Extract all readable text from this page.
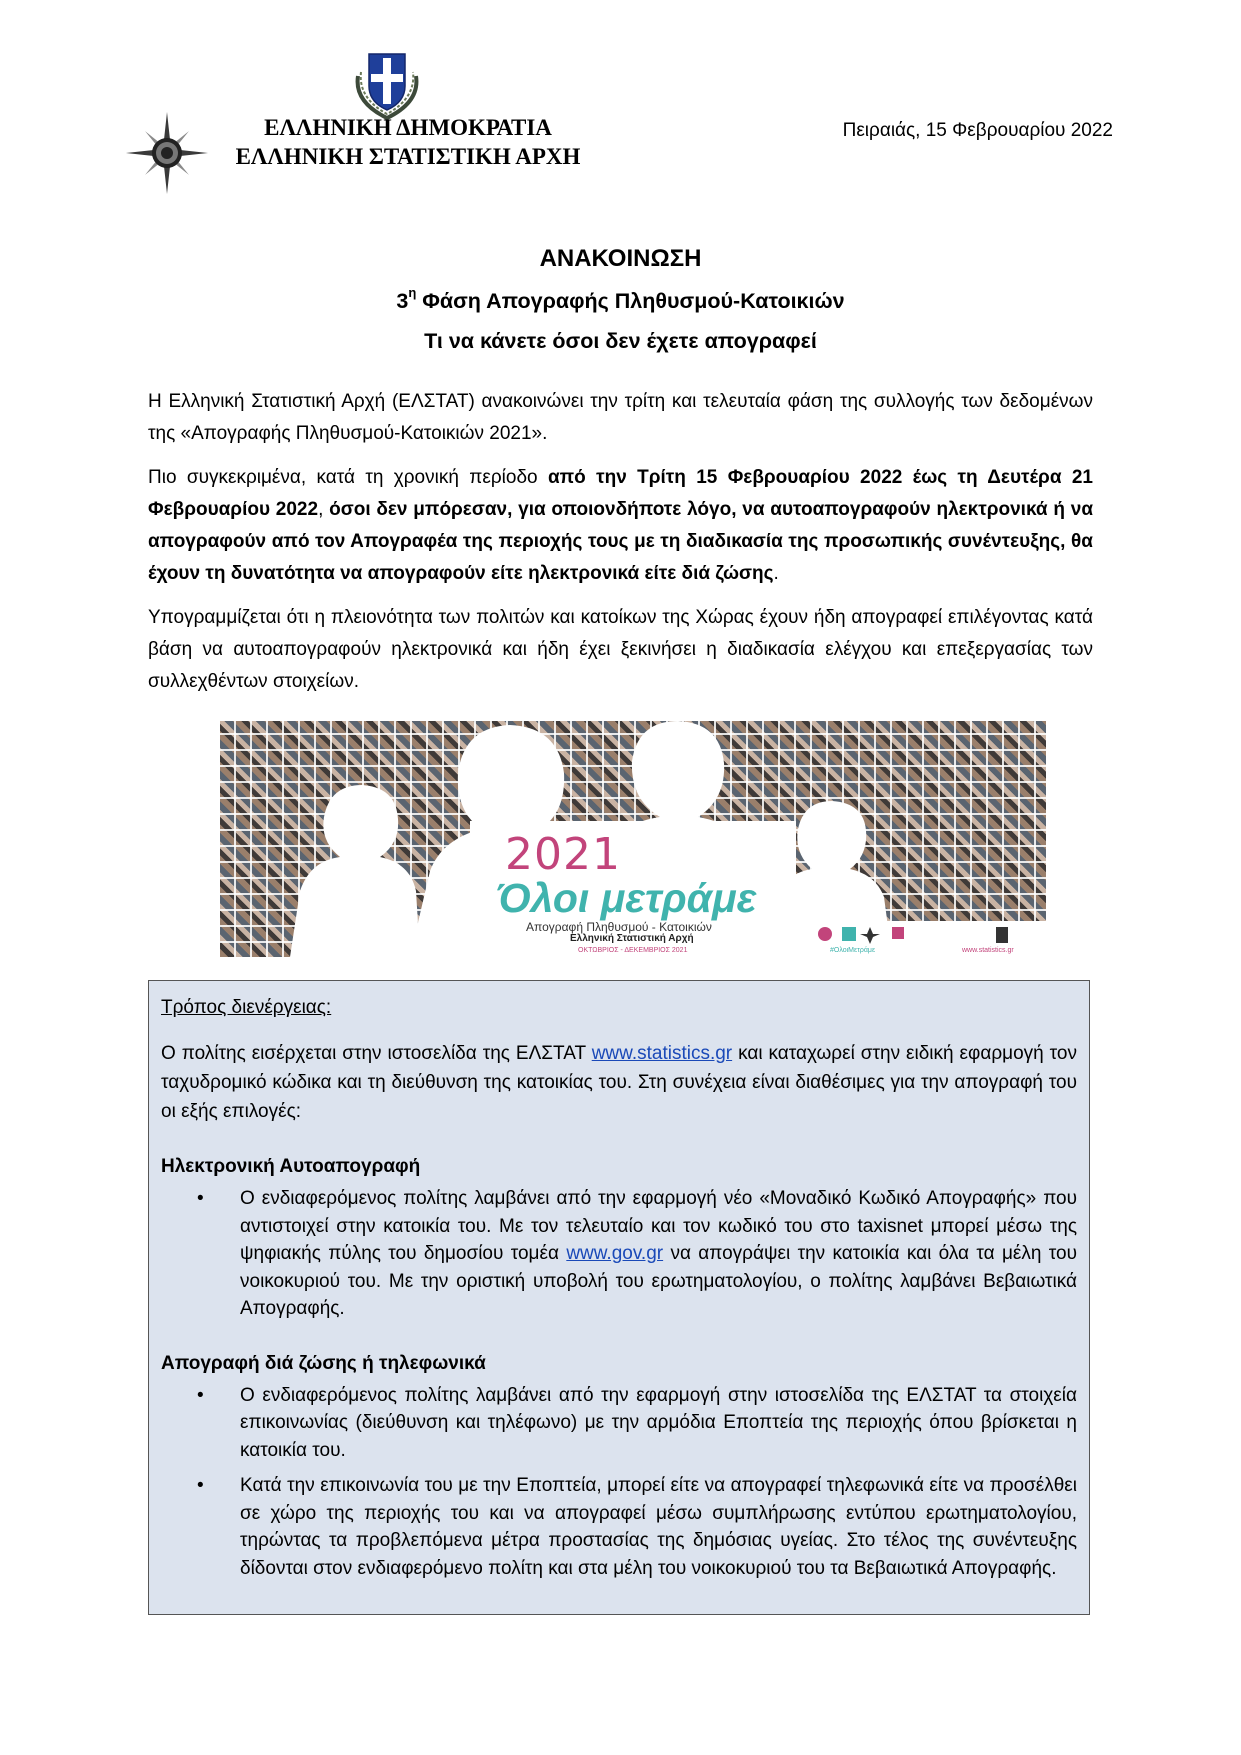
ΕΛΛΗΝΙΚΗ ΔΗΜΟΚΡΑΤΙΑ
ΕΛΛΗΝΙΚΗ ΣΤΑΤΙΣΤΙΚΗ ΑΡΧΗ
Πειραιάς, 15 Φεβρουαρίου 2022
ΑΝΑΚΟΙΝΩΣΗ
$3^\eta$ Φάση Απογραφής Πληθυσμού-Κατοικιών
Τι να κάνετε όσοι δεν έχετε απογραφεί

Η Ελληνική Στατιστική Αρχή (ΕΛΣΤΑΤ) ανακοινώνει την τρίτη και τελευταία φάση της συλλογής των δεδομένων της «Απογραφής Πληθυσμού-Κατοικιών 2021».

Πιο συγκεκριμένα, κατά τη χρονική περίοδο από την Τρίτη 15 Φεβρουαρίου 2022 έως τη Δευτέρα 21 Φεβρουαρίου 2022, όσοι δεν μπόρεσαν, για οποιονδήποτε λόγο, να αυτοαπογραφούν ηλεκτρονικά ή να απογραφούν από τον Απογραφέα της περιοχής τους με τη διαδικασία της προσωπικής συνέντευξης, θα έχουν τη δυνατότητα να απογραφούν είτε ηλεκτρονικά είτε διά ζώσης.

Υπογραμμίζεται ότι η πλειονότητα των πολιτών και κατοίκων της Χώρας έχουν ήδη απογραφεί επιλέγοντας κατά βάση να αυτοαπογραφούν ηλεκτρονικά και ήδη έχει ξεκινήσει η διαδικασία ελέγχου και επεξεργασίας των συλλεχθέντων στοιχείων.

2021
Όλοι μετράμε
Απογραφή Πληθυσμού - Κατοικιών
Ελληνική Στατιστική Αρχή
ΟΚΤΩΒΡΙΟΣ - ΔΕΚΕΜΒΡΙΟΣ 2021	#ΟλοιΜετράμε	www.statistics.gr
Τρόπος διενέργειας:

Ο πολίτης εισέρχεται στην ιστοσελίδα της ΕΛΣΤΑΤ www.statistics.gr και καταχωρεί στην ειδική εφαρμογή τον ταχυδρομικό κώδικα και τη διεύθυνση της κατοικίας του. Στη συνέχεια είναι διαθέσιμες για την απογραφή του οι εξής επιλογές:

Ηλεκτρονική Αυτοαπογραφή
• Ο ενδιαφερόμενος πολίτης λαμβάνει από την εφαρμογή νέο «Μοναδικό Κωδικό Απογραφής» που αντιστοιχεί στην κατοικία του. Με τον τελευταίο και τον κωδικό του στο taxisnet μπορεί μέσω της ψηφιακής πύλης του δημοσίου τομέα www.gov.gr να απογράψει την κατοικία και όλα τα μέλη του νοικοκυριού του. Με την οριστική υποβολή του ερωτηματολογίου, ο πολίτης λαμβάνει Βεβαιωτικά Απογραφής.
Απογραφή διά ζώσης ή τηλεφωνικά
• Ο ενδιαφερόμενος πολίτης λαμβάνει από την εφαρμογή στην ιστοσελίδα της ΕΛΣΤΑΤ τα στοιχεία επικοινωνίας (διεύθυνση και τηλέφωνο) με την αρμόδια Εποπτεία της περιοχής όπου βρίσκεται η κατοικία του.
• Κατά την επικοινωνία του με την Εποπτεία, μπορεί είτε να απογραφεί τηλεφωνικά είτε να προσέλθει σε χώρο της περιοχής του και να απογραφεί μέσω συμπλήρωσης εντύπου ερωτηματολογίου, τηρώντας τα προβλεπόμενα μέτρα προστασίας της δημόσιας υγείας. Στο τέλος της συνέντευξης δίδονται στον ενδιαφερόμενο πολίτη και στα μέλη του νοικοκυριού του τα Βεβαιωτικά Απογραφής.
